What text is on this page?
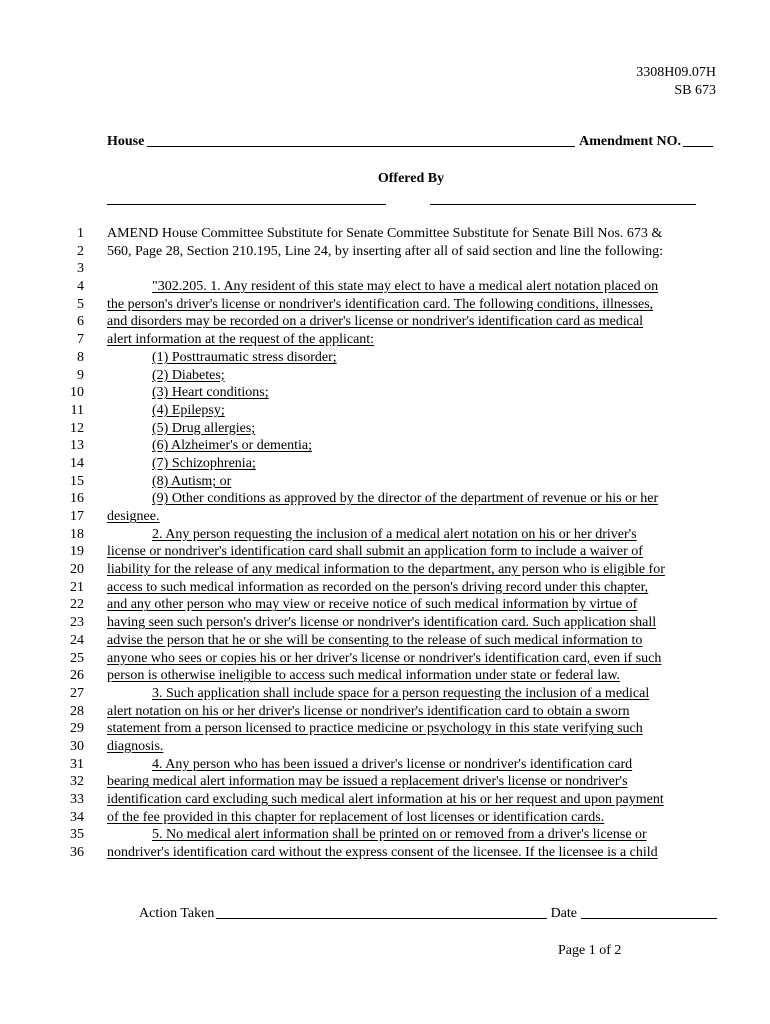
3308H09.07H
SB 673
House	Amendment NO.
Offered By
1 AMEND House Committee Substitute for Senate Committee Substitute for Senate Bill Nos. 673 &
2 560, Page 28, Section 210.195, Line 24, by inserting after all of said section and line the following:
3
4	"302.205. 1. Any resident of this state may elect to have a medical alert notation placed on
5 the person's driver's license or nondriver's identification card. The following conditions, illnesses,
6 and disorders may be recorded on a driver's license or nondriver's identification card as medical
7 alert information at the request of the applicant:
8	(1) Posttraumatic stress disorder;
9	(2) Diabetes;
10	(3) Heart conditions;
11	(4) Epilepsy;
12	(5) Drug allergies;
13	(6) Alzheimer's or dementia;
14	(7) Schizophrenia;
15	(8) Autism; or
16	(9) Other conditions as approved by the director of the department of revenue or his or her
17 designee.
18	2. Any person requesting the inclusion of a medical alert notation on his or her driver's
19 license or nondriver's identification card shall submit an application form to include a waiver of
20 liability for the release of any medical information to the department, any person who is eligible for
21 access to such medical information as recorded on the person's driving record under this chapter,
22 and any other person who may view or receive notice of such medical information by virtue of
23 having seen such person's driver's license or nondriver's identification card. Such application shall
24 advise the person that he or she will be consenting to the release of such medical information to
25 anyone who sees or copies his or her driver's license or nondriver's identification card, even if such
26 person is otherwise ineligible to access such medical information under state or federal law.
27	3. Such application shall include space for a person requesting the inclusion of a medical
28 alert notation on his or her driver's license or nondriver's identification card to obtain a sworn
29 statement from a person licensed to practice medicine or psychology in this state verifying such
30 diagnosis.
31	4. Any person who has been issued a driver's license or nondriver's identification card
32 bearing medical alert information may be issued a replacement driver's license or nondriver's
33 identification card excluding such medical alert information at his or her request and upon payment
34 of the fee provided in this chapter for replacement of lost licenses or identification cards.
35	5. No medical alert information shall be printed on or removed from a driver's license or
36 nondriver's identification card without the express consent of the licensee. If the licensee is a child
Action Taken	Date
Page 1 of 2
